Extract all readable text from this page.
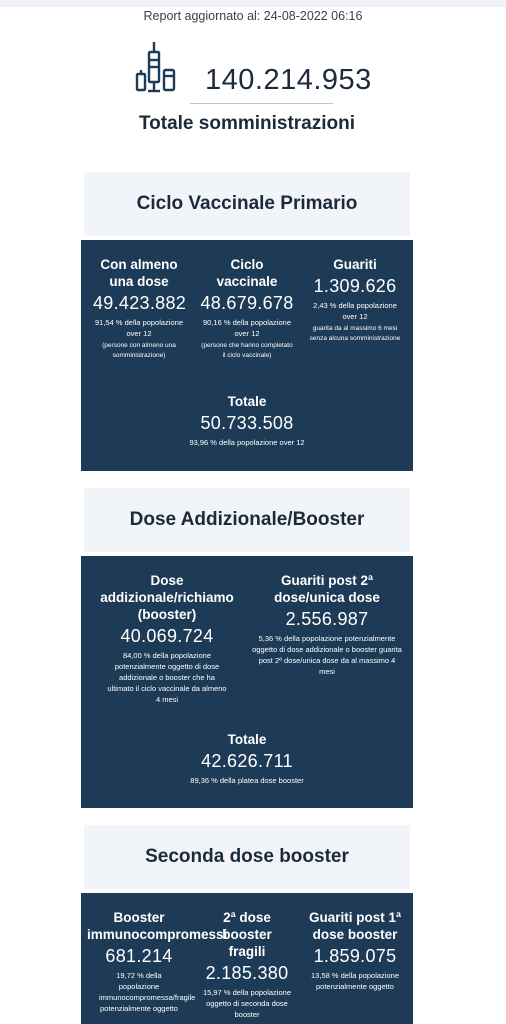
Report aggiornato al: 24-08-2022 06:16
140.214.953
Totale somministrazioni
Ciclo Vaccinale Primario
Con almeno una dose
49.423.882
91,54 % della popolazione over 12
(persone con almeno una somministrazione)
Ciclo vaccinale
48.679.678
90,16 % della popolazione over 12
(persone che hanno completato il ciclo vaccinale)
Guariti
1.309.626
2,43 % della popolazione over 12
guarita da al massimo 6 mesi senza alcuna somministrazione
Totale
50.733.508
93,96 % della popolazione over 12
Dose Addizionale/Booster
Dose addizionale/richiamo (booster)
40.069.724
84,00 % della popolazione potenzialmente oggetto di dose addizionale o booster che ha ultimato il ciclo vaccinale da almeno 4 mesi
Guariti post 2ª dose/unica dose
2.556.987
5,36 % della popolazione potenzialmente oggetto di dose addizionale o booster guarita post 2ª dose/unica dose da al massimo 4 mesi
Totale
42.626.711
89,36 % della platea dose booster
Seconda dose booster
Booster immunocompromessi
681.214
19,72 % della popolazione immunocompromessa/fragile potenzialmente oggetto
2ª dose booster fragili
2.185.380
15,97 % della popolazione oggetto di seconda dose booster
Guariti post 1ª dose booster
1.859.075
13,58 % della popolazione potenzialmente oggetto
